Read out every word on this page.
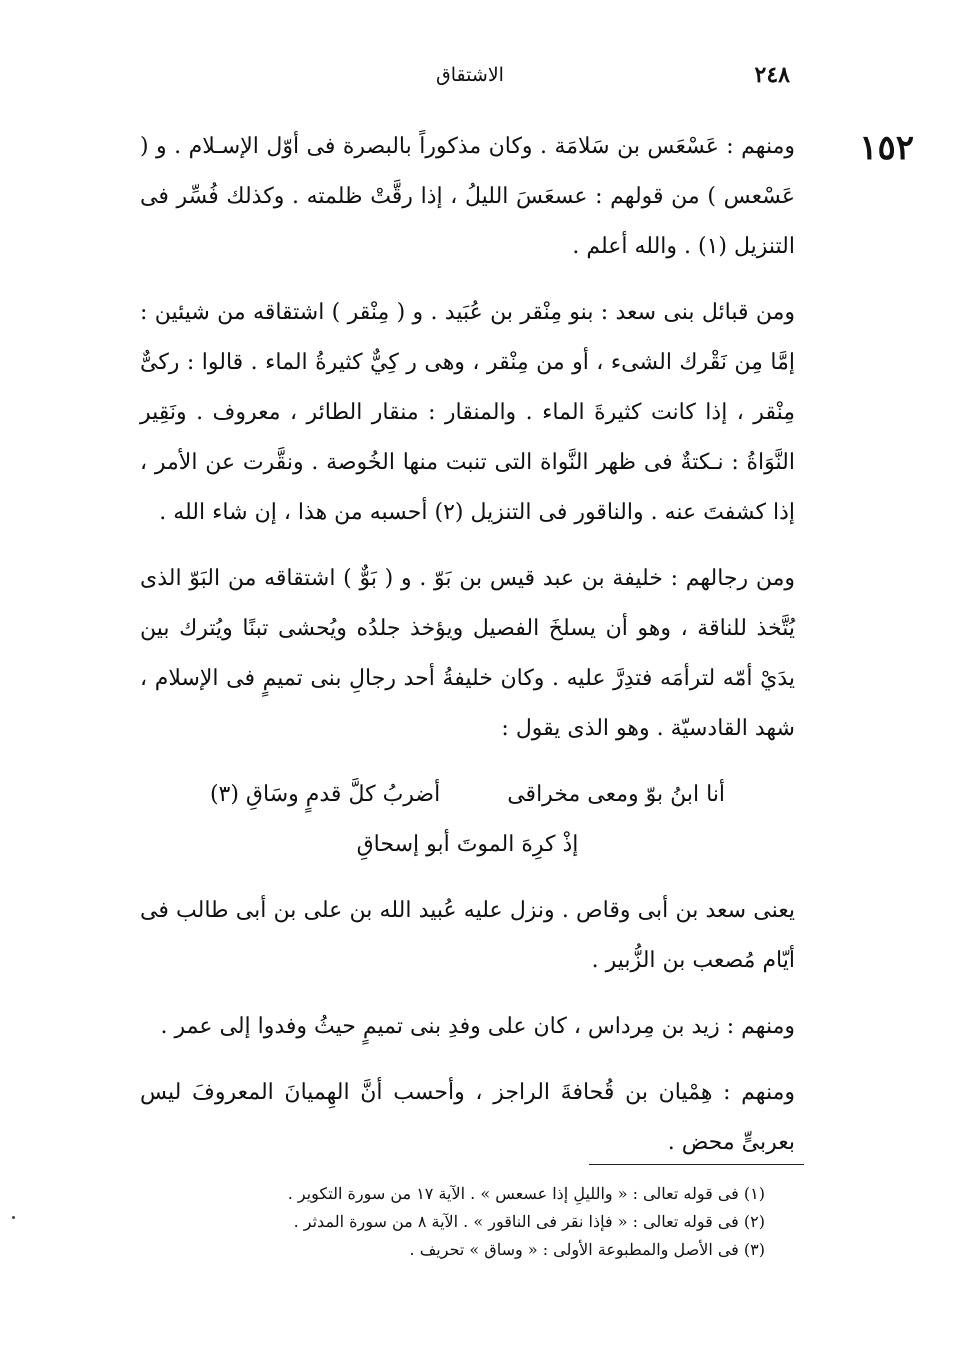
٢٤٨
الاشتقاق
١٥٢

ومنهم : عَسْعَس بن سَلامَة . وكان مذكوراً بالبصرة فى أوّل الإسـلام . و ( عَسْعس ) من قولهم : عسعَسَ الليلُ ، إذا رقَّتْ ظلمته . وكذلك فُسِّر فى التنزيل (١) . والله أعلم .

ومن قبائل بنى سعد : بنو مِنْقر بن عُبَيد . و ( مِنْقر ) اشتقاقه من شيئين : إمَّا مِن نَقْرك الشىء ، أو من مِنْقر ، وهى ر كِيٌّ كثيرةُ الماء . قالوا : ركىٌّ مِنْقر ، إذا كانت كثيرةَ الماء . والمنقار : منقار الطائر ، معروف . ونَقِير النَّوَاةُ : نـكتةٌ فى ظهر النَّواة التى تنبت منها الخُوصة . ونقَّرت عن الأمر ، إذا كشفتَ عنه . والناقور فى التنزيل (٢) أحسبه من هذا ، إن شاء الله .

ومن رجالهم : خليفة بن عبد قيس بن بَوّ . و ( بَوٌّ ) اشتقاقه من البَوّ الذى يُتَّخذ للناقة ، وهو أن يسلخَ الفصيل ويؤخذ جلدُه ويُحشى تبنًا ويُترك بين يدَيْ أمّه لترأمَه فتدِرَّ عليه . وكان خليفةُ أحد رجالِ بنى تميمٍ فى الإسلام ، شهد القادسيّة . وهو الذى يقول :

أنا ابنُ بوّ ومعى مخراقى أضربُ كلَّ قدمٍ وسَاقِ (٣)
إذْ كرِهَ الموتَ أبو إسحاقِ

يعنى سعد بن أبى وقاص . ونزل عليه عُبيد الله بن على بن أبى طالب فى أيّام مُصعب بن الزُّبير .

ومنهم : زيد بن مِرداس ، كان على وفدِ بنى تميمٍ حيثُ وفدوا إلى عمر .

ومنهم : هِمْيان بن قُحافةَ الراجز ، وأحسب أنَّ الهِميانَ المعروفَ ليس بعربىٍّ محض .

(١) فى قوله تعالى : « والليلِ إذا عسعس » . الآية ١٧ من سورة التكوير .
(٢) فى قوله تعالى : « فإذا نقر فى الناقور » . الآية ٨ من سورة المدثر .
(٣) فى الأصل والمطبوعة الأولى : « وساق » تحريف .
